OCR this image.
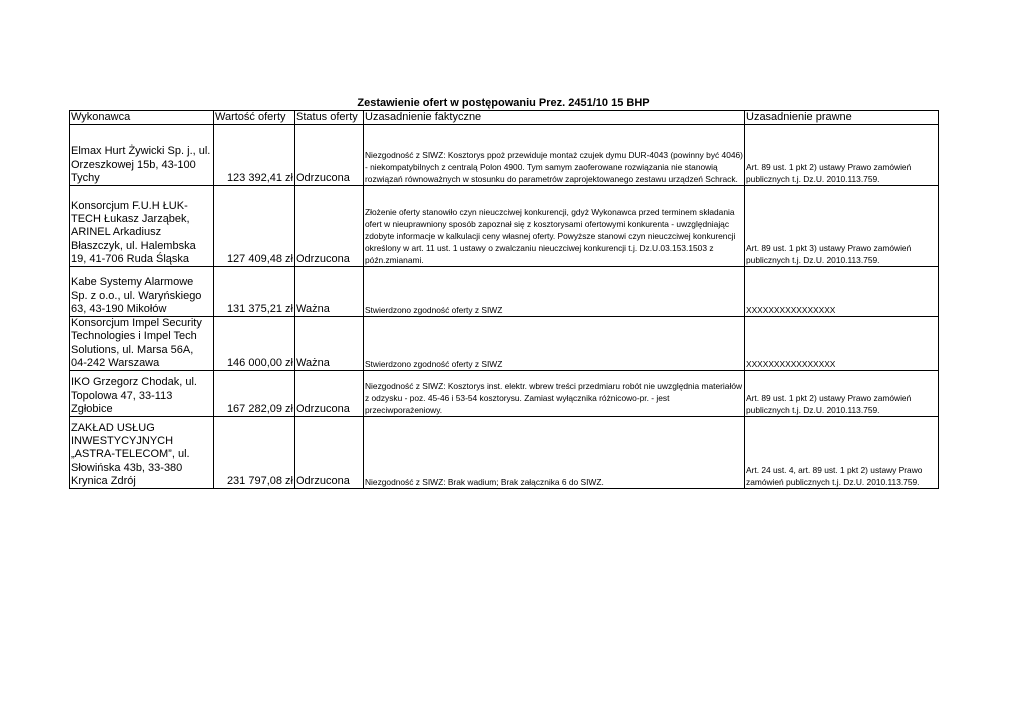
Zestawienie ofert w postępowaniu Prez. 2451/10 15 BHP
Wykonawca	Wartość oferty	Status oferty	Uzasadnienie faktyczne	Uzasadnienie prawne
Elmax Hurt Żywicki Sp. j., ul. Orzeszkowej 15b, 43-100 Tychy	123 392,41 zł	Odrzucona	Niezgodność z SIWZ: Kosztorys ppoż przewiduje montaż czujek dymu DUR-4043 (powinny być 4046) - niekompatybilnych z centralą Polon 4900. Tym samym zaoferowane rozwiązania nie stanowią rozwiązań równoważnych w stosunku do parametrów zaprojektowanego zestawu urządzeń Schrack.	Art. 89 ust. 1 pkt 2) ustawy Prawo zamówień publicznych t.j. Dz.U. 2010.113.759.
Konsorcjum F.U.H ŁUK-TECH Łukasz Jarząbek, ARINEL Arkadiusz Błaszczyk, ul. Halembska 19, 41-706 Ruda Śląska	127 409,48 zł	Odrzucona	Złożenie oferty stanowiło czyn nieuczciwej konkurencji, gdyż Wykonawca przed terminem składania ofert w nieuprawniony sposób zapoznał się z kosztorysami ofertowymi konkurenta - uwzględniając zdobyte informacje w kalkulacji ceny własnej oferty. Powyższe stanowi czyn nieuczciwej konkurencji określony w art. 11 ust. 1 ustawy o zwalczaniu nieuczciwej konkurencji t.j. Dz.U.03.153.1503 z późn.zmianami.	Art. 89 ust. 1 pkt 3) ustawy Prawo zamówień publicznych t.j. Dz.U. 2010.113.759.
Kabe Systemy Alarmowe Sp. z o.o., ul. Waryńskiego 63, 43-190 Mikołów	131 375,21 zł	Ważna	Stwierdzono zgodność oferty z SIWZ	XXXXXXXXXXXXXXXX
Konsorcjum Impel Security Technologies i Impel Tech Solutions, ul. Marsa 56A, 04-242 Warszawa	146 000,00 zł	Ważna	Stwierdzono zgodność oferty z SIWZ	XXXXXXXXXXXXXXXX
IKO Grzegorz Chodak, ul. Topolowa 47, 33-113 Zgłobice	167 282,09 zł	Odrzucona	Niezgodność z SIWZ: Kosztorys inst. elektr. wbrew treści przedmiaru robót nie uwzględnia materiałów z odzysku - poz. 45-46 i 53-54 kosztorysu. Zamiast wyłącznika różnicowo-pr. - jest przeciwporażeniowy.	Art. 89 ust. 1 pkt 2) ustawy Prawo zamówień publicznych t.j. Dz.U. 2010.113.759.
ZAKŁAD USŁUG INWESTYCYJNYCH „ASTRA-TELECOM”, ul. Słowińska 43b, 33-380 Krynica Zdrój	231 797,08 zł	Odrzucona	Niezgodność z SIWZ: Brak wadium; Brak załącznika 6 do SIWZ.	Art. 24 ust. 4, art. 89 ust. 1 pkt 2) ustawy Prawo zamówień publicznych t.j. Dz.U. 2010.113.759.
